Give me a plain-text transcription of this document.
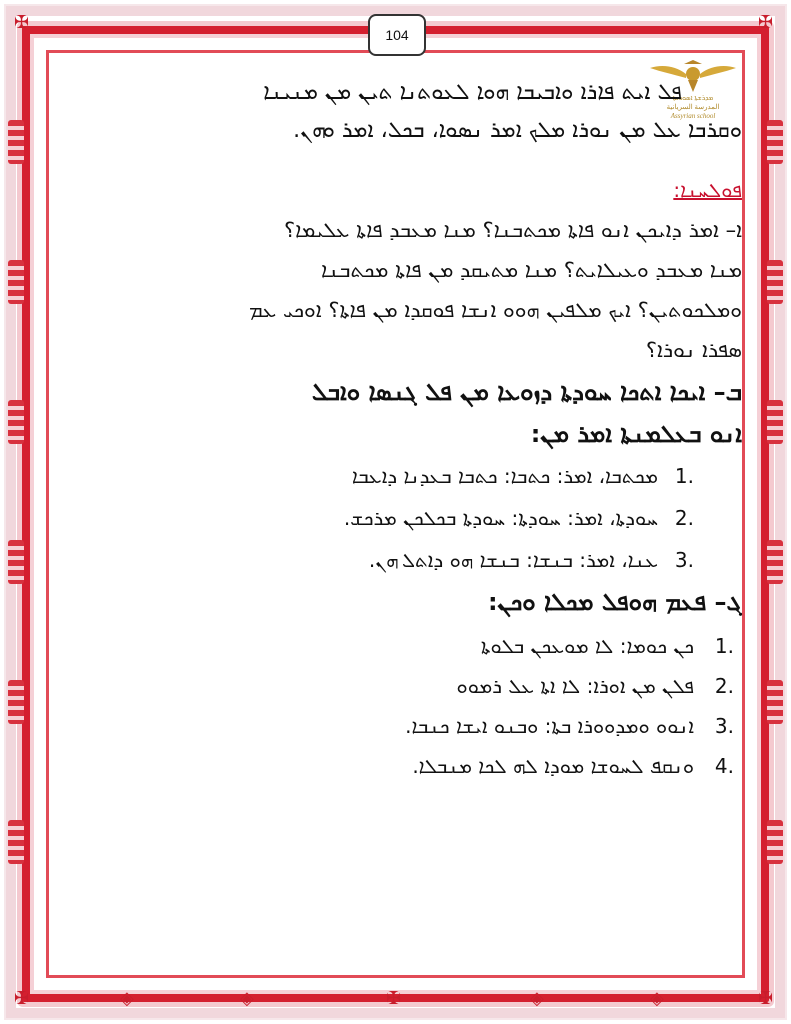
✠	✠
✠	✠
◈	◈	✠	◈	◈
104
ܡܕܪܫܬܐ ܐܣܘܪܝܬܐ
المدرسة السريانية
Assyrian school
ܦܠ ܐܝܬ ܦܐܪܐ ܘܐܒܝܒܐ ܗܘܐ ܠܥܘܬܢܐ ܬܝܢ ܡܢ ܡܢܝܢܐ
ܘܩܪܒܐ ܥܠ ܡܢ ܢܘܪܐ ܡܠܟ ܐܡܪ ܢܣܘܐ، ܒܟܠ، ܐܡܪ ܘܗܢ.
ܦܘܠܚܢܐ:
ܐ– ܐܡܪ ܕܐܝܟܢ ܐܢܘ ܦܐܬܐ ܡܟܬܒܢܐ؟ ܡܢܐ ܡܥܒܕ ܦܐܬܐ ܥܠܝܡܐ؟
ܡܢܐ ܡܥܒܕ ܘܥܝܠܐܝܬ؟ ܡܢܐ ܡܬܝܩܕ ܡܢ ܦܐܬܐ ܡܟܬܒܢܐ
ܘܡܠܟܘܬܝܢ؟ ܐܝܟ ܡܠܦܝܢ ܗܘܘ ܐܢܫܐ ܦܘܩܕܐ ܡܢ ܦܐܬܐ؟ ܐܘܟܝ ܥܡ
ܣܦܪܐ ܢܘܪܐ؟
ܒ– ܐܝܟܐ ܐܬܟܐ ܚܘܕܬܐ ܕܙܘܥܐ ܡܢ ܦܠ ܓܢܣܐ ܘܐܒܠ
ܐܢܘ ܒܥܠܡܢܬܐ ܐܡܪ ܡܢ:
ܡܟܬܒܐ، ܐܡܪ: ܟܬܒܐ: ܟܬܒܐ ܒܥܕܢܐ ܕܐܥܒܐ 1.
ܚܘܕܬܐ، ܐܡܪ: ܚܘܕܬܐ: ܚܘܕܬܐ ܒܟܠܟܢ ܡܪܟܫ. 2.
ܥܢܐ، ܐܡܪ: ܒܢܫܐ: ܒܢܫܐ ܗܘ ܕܐܬܠ ܗܢ. 3.
ܓ– ܦܥܡ ܗܘܦܠ ܡܟܠܐ ܘܟܢ:
ܟܢ ܟܘܡܐ: ܠܐ ܡܘܥܟܢ ܒܠܘܬܐ 1.
ܦܠܢ ܡܢ ܐܘܪܐ: ܠܐ ܐܬܐ ܥܠ ܪܡܘܘ 2.
ܐܢܘܘ ܘܡܕܘܘܪܐ ܒܬܐ: ܘܒܢܘ ܐܝܫܐ ܟܢܒܐ. 3.
ܘܢܩܦ ܠܚܘܫܐ ܡܘܕܐ ܠܗ ܠܟܐ ܡܢܒܠܐ. 4.
